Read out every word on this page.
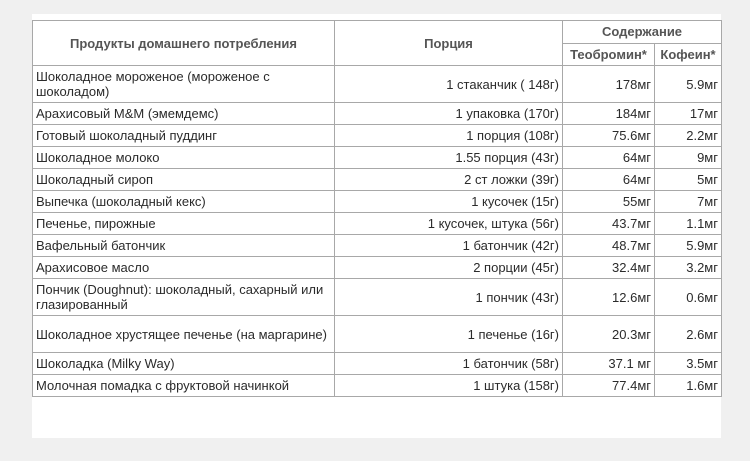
Продукты домашнего потребления	Порция	Содержание	
		Теобромин*	Кофеин*
Шоколадное мороженое (мороженое с шоколадом)	1 стаканчик ( 148г)	178мг	5.9мг
Арахисовый M&M (эмемдемс)	1 упаковка (170г)	184мг	17мг
Готовый шоколадный пуддинг	1 порция (108г)	75.6мг	2.2мг
Шоколадное молоко	1.55 порция (43г)	64мг	9мг
Шоколадный сироп	2 ст ложки (39г)	64мг	5мг
Выпечка (шоколадный кекс)	1 кусочек (15г)	55мг	7мг
Печенье, пирожные	1 кусочек, штука (56г)	43.7мг	1.1мг
Вафельный батончик	1 батончик (42г)	48.7мг	5.9мг
Арахисовое масло	2 порции (45г)	32.4мг	3.2мг
Пончик (Doughnut): шоколадный, сахарный или глазированный	1 пончик (43г)	12.6мг	0.6мг
Шоколадное хрустящее печенье (на маргарине)	1 печенье (16г)	20.3мг	2.6мг
Шоколадка (Milky Way)	1 батончик (58г)	37.1 мг	3.5мг
Молочная помадка с фруктовой начинкой	1 штука (158г)	77.4мг	1.6мг
